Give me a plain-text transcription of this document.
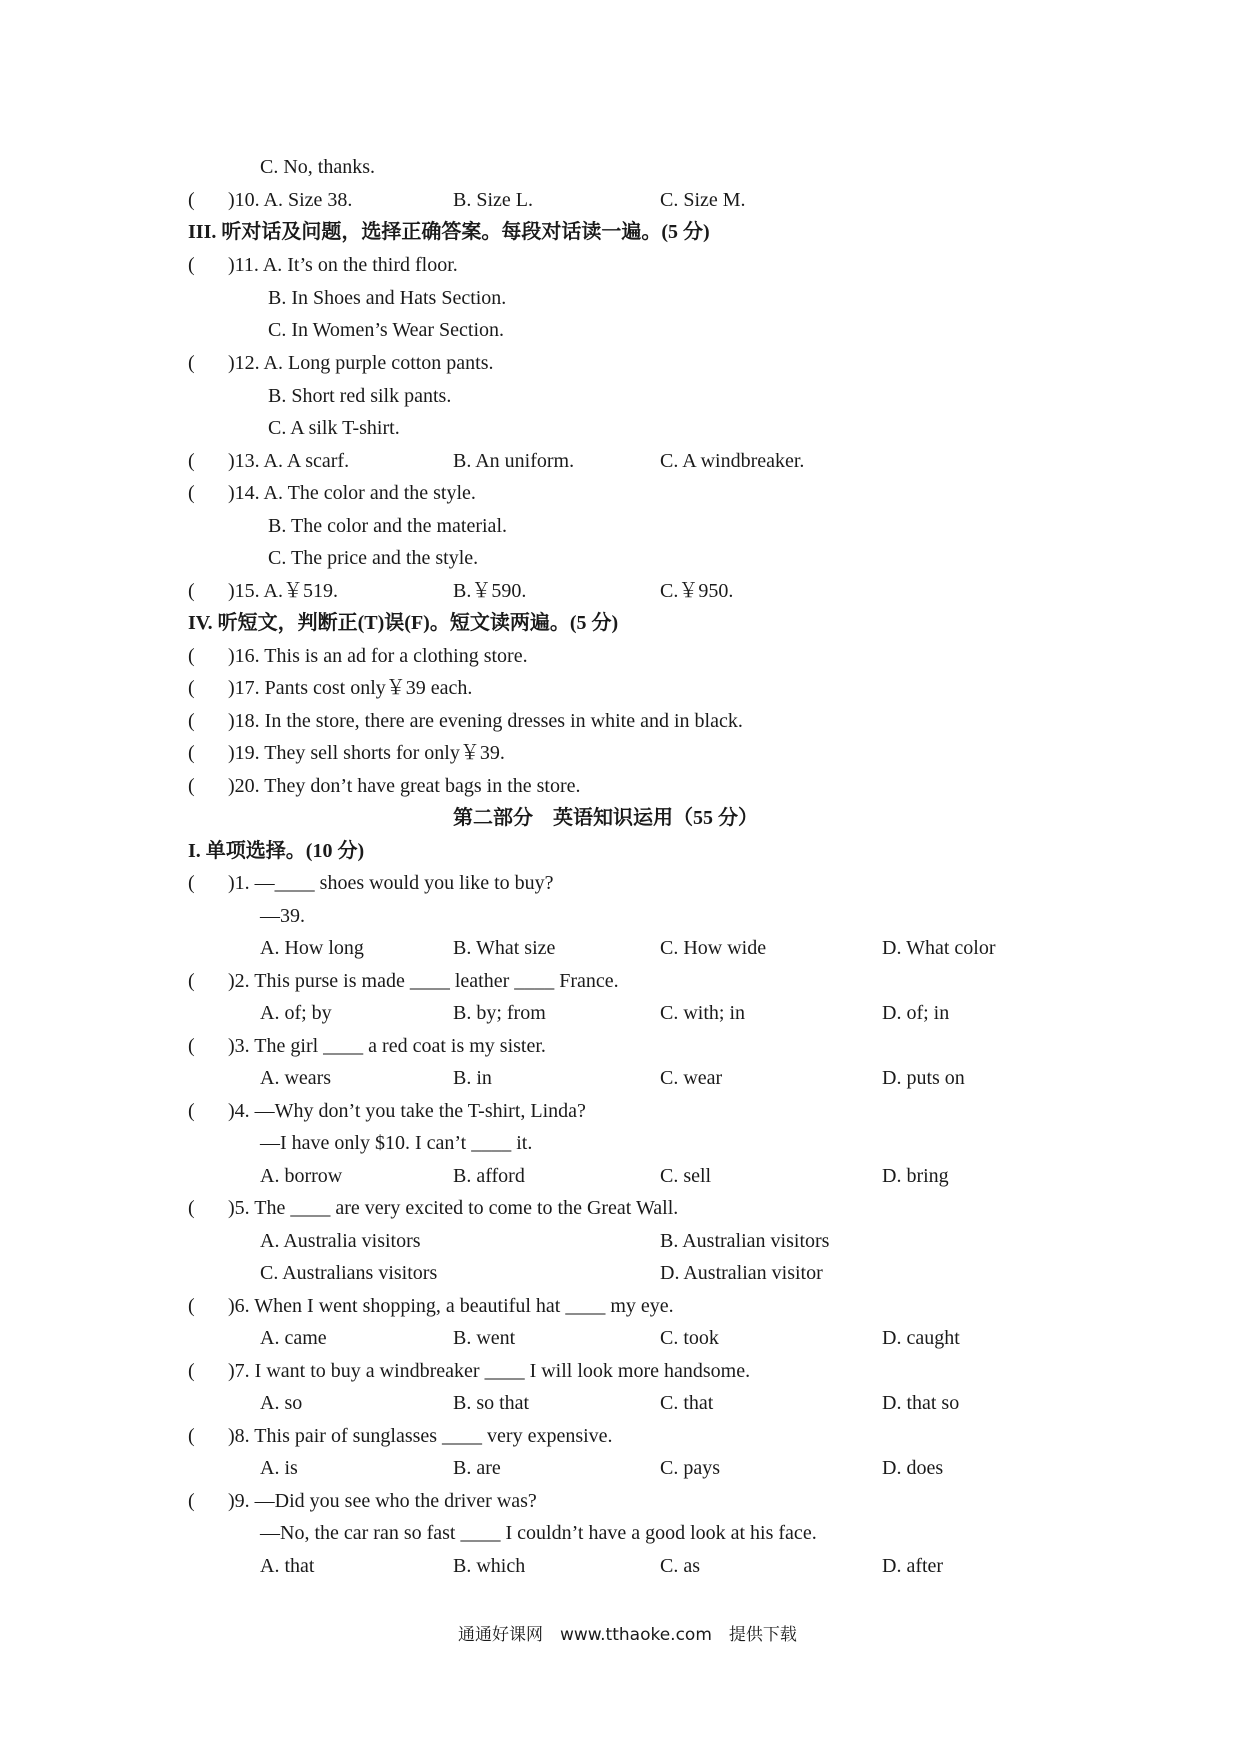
C. No, thanks.
( )10. A. Size 38.	B. Size L.	C. Size M.
III. 听对话及问题，选择正确答案。每段对话读一遍。(5 分)
( )11. A. It’s on the third floor.
B. In Shoes and Hats Section.
C. In Women’s Wear Section.
( )12. A. Long purple cotton pants.
B. Short red silk pants.
C. A silk T-shirt.
( )13. A. A scarf.	B. An uniform.	C. A windbreaker.
( )14. A. The color and the style.
B. The color and the material.
C. The price and the style.
( )15. A.￥519.	B.￥590.	C.￥950.
IV. 听短文，判断正(T)误(F)。短文读两遍。(5 分)
( )16. This is an ad for a clothing store.
( )17. Pants cost only￥39 each.
( )18. In the store, there are evening dresses in white and in black.
( )19. They sell shorts for only￥39.
( )20. They don’t have great bags in the store.
第二部分　英语知识运用（55 分）
I. 单项选择。(10 分)
( )1. —____ shoes would you like to buy?
—39.
A. How long	B. What size	C. How wide	D. What color
( )2. This purse is made ____ leather ____ France.
A. of; by	B. by; from	C. with; in	D. of; in
( )3. The girl ____ a red coat is my sister.
A. wears	B. in	C. wear	D. puts on
( )4. —Why don’t you take the T-shirt, Linda?
—I have only $10. I can’t ____ it.
A. borrow	B. afford	C. sell	D. bring
( )5. The ____ are very excited to come to the Great Wall.
A. Australia visitors	B. Australian visitors
C. Australians visitors	D. Australian visitor
( )6. When I went shopping, a beautiful hat ____ my eye.
A. came	B. went	C. took	D. caught
( )7. I want to buy a windbreaker ____ I will look more handsome.
A. so	B. so that	C. that	D. that so
( )8. This pair of sunglasses ____ very expensive.
A. is	B. are	C. pays	D. does
( )9. —Did you see who the driver was?
—No, the car ran so fast ____ I couldn’t have a good look at his face.
A. that	B. which	C. as	D. after
通通好课网　www.tthaoke.com　提供下载
